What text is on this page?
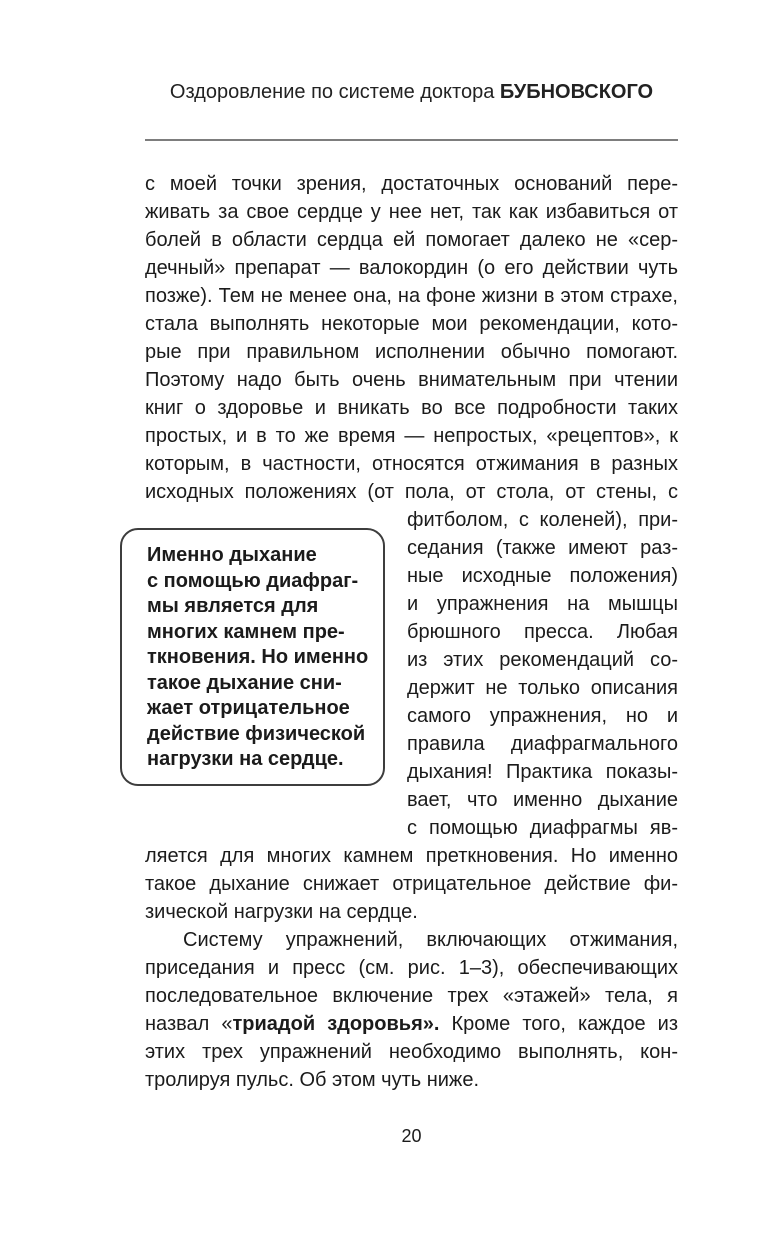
Оздоровление по системе доктора БУБНОВСКОГО
с моей точки зрения, достаточных оснований пере-
живать за свое сердце у нее нет, так как избавиться от
болей в области сердца ей помогает далеко не «сер-
дечный» препарат — валокордин (о его действии чуть
позже). Тем не менее она, на фоне жизни в этом страхе,
стала выполнять некоторые мои рекомендации, кото-
рые при правильном исполнении обычно помогают.
Поэтому надо быть очень внимательным при чтении
книг о здоровье и вникать во все подробности таких
простых, и в то же время — непростых, «рецептов», к
которым, в частности, относятся отжимания в разных
исходных положениях (от пола, от стола, от стены, с
Именно дыхание
с помощью диафраг-
мы является для
многих камнем пре-
ткновения. Но именно
такое дыхание сни-
жает отрицательное
действие физической
нагрузки на сердце.
фитболом, с коленей), при-
седания (также имеют раз-
ные исходные положения)
и упражнения на мышцы
брюшного пресса. Любая
из этих рекомендаций со-
держит не только описания
самого упражнения, но и
правила диафрагмального
дыхания! Практика показы-
вает, что именно дыхание
с помощью диафрагмы яв-
ляется для многих камнем преткновения. Но именно
такое дыхание снижает отрицательное действие фи-
зической нагрузки на сердце.
Систему упражнений, включающих отжимания,
приседания и пресс (см. рис. 1–3), обеспечивающих
последовательное включение трех «этажей» тела, я
назвал «триадой здоровья». Кроме того, каждое из
этих трех упражнений необходимо выполнять, кон-
тролируя пульс. Об этом чуть ниже.
20
